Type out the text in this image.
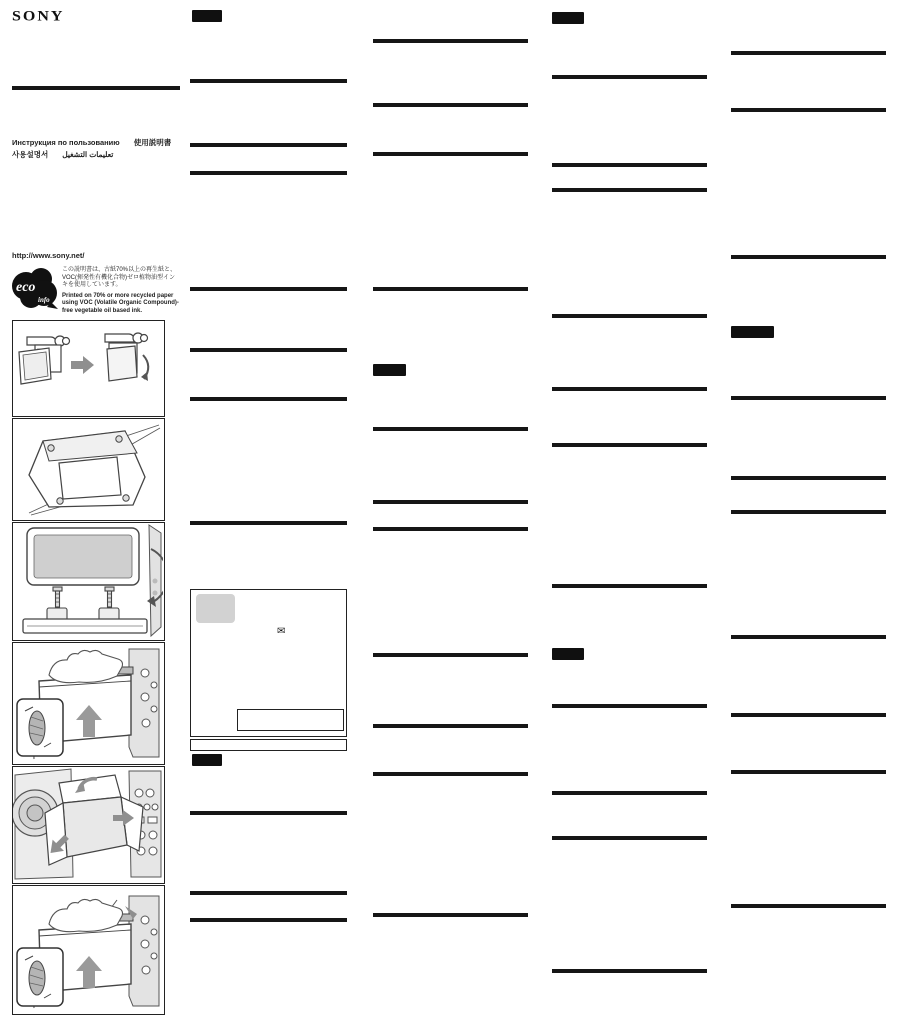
SONY
Инструкция по пользованию 使用説明書
사용설명서 تعليمات التشغيل
http://www.sony.net/
eco
info

この説明書は、古紙70%以上の再生紙と、VOC(揮発性有機化合物)ゼロ植物油型インキを使用しています。

Printed on 70% or more recycled paper using VOC (Volatile Organic Compound)-free vegetable oil based ink.

✉
